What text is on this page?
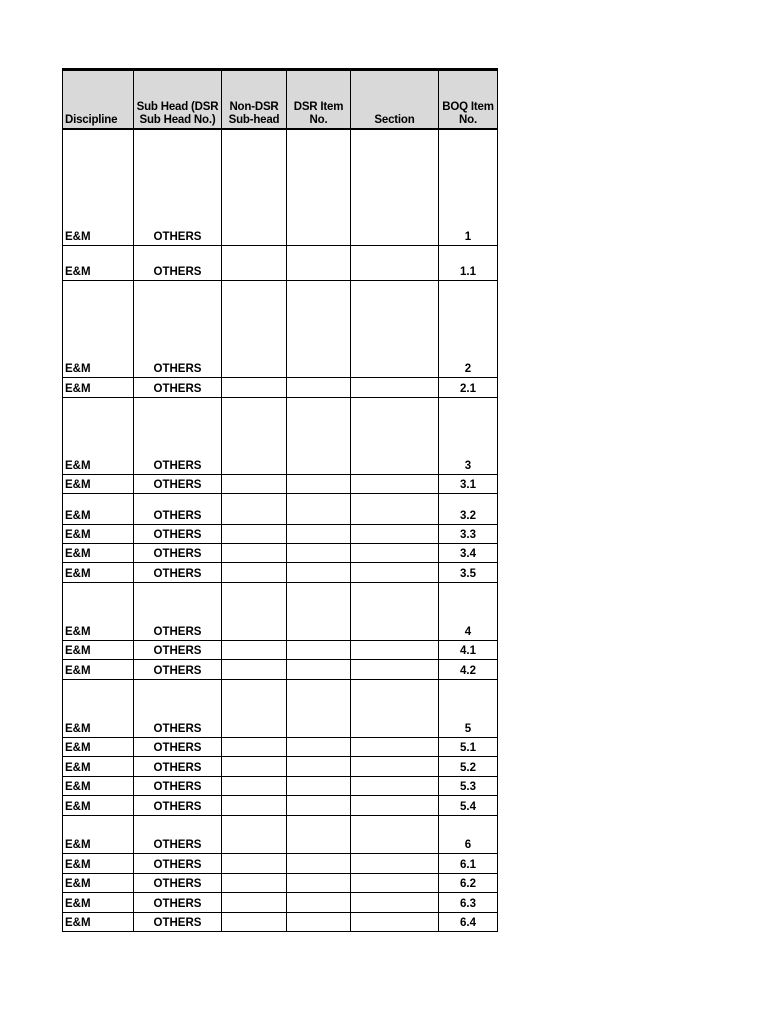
Discipline	Sub Head (DSR Sub Head No.)	Non-DSR Sub-head	DSR Item No.	Section	BOQ Item No.
E&M	OTHERS				1
E&M	OTHERS				1.1
E&M	OTHERS				2
E&M	OTHERS				2.1
E&M	OTHERS				3
E&M	OTHERS				3.1
E&M	OTHERS				3.2
E&M	OTHERS				3.3
E&M	OTHERS				3.4
E&M	OTHERS				3.5
E&M	OTHERS				4
E&M	OTHERS				4.1
E&M	OTHERS				4.2
E&M	OTHERS				5
E&M	OTHERS				5.1
E&M	OTHERS				5.2
E&M	OTHERS				5.3
E&M	OTHERS				5.4
E&M	OTHERS				6
E&M	OTHERS				6.1
E&M	OTHERS				6.2
E&M	OTHERS				6.3
E&M	OTHERS				6.4
